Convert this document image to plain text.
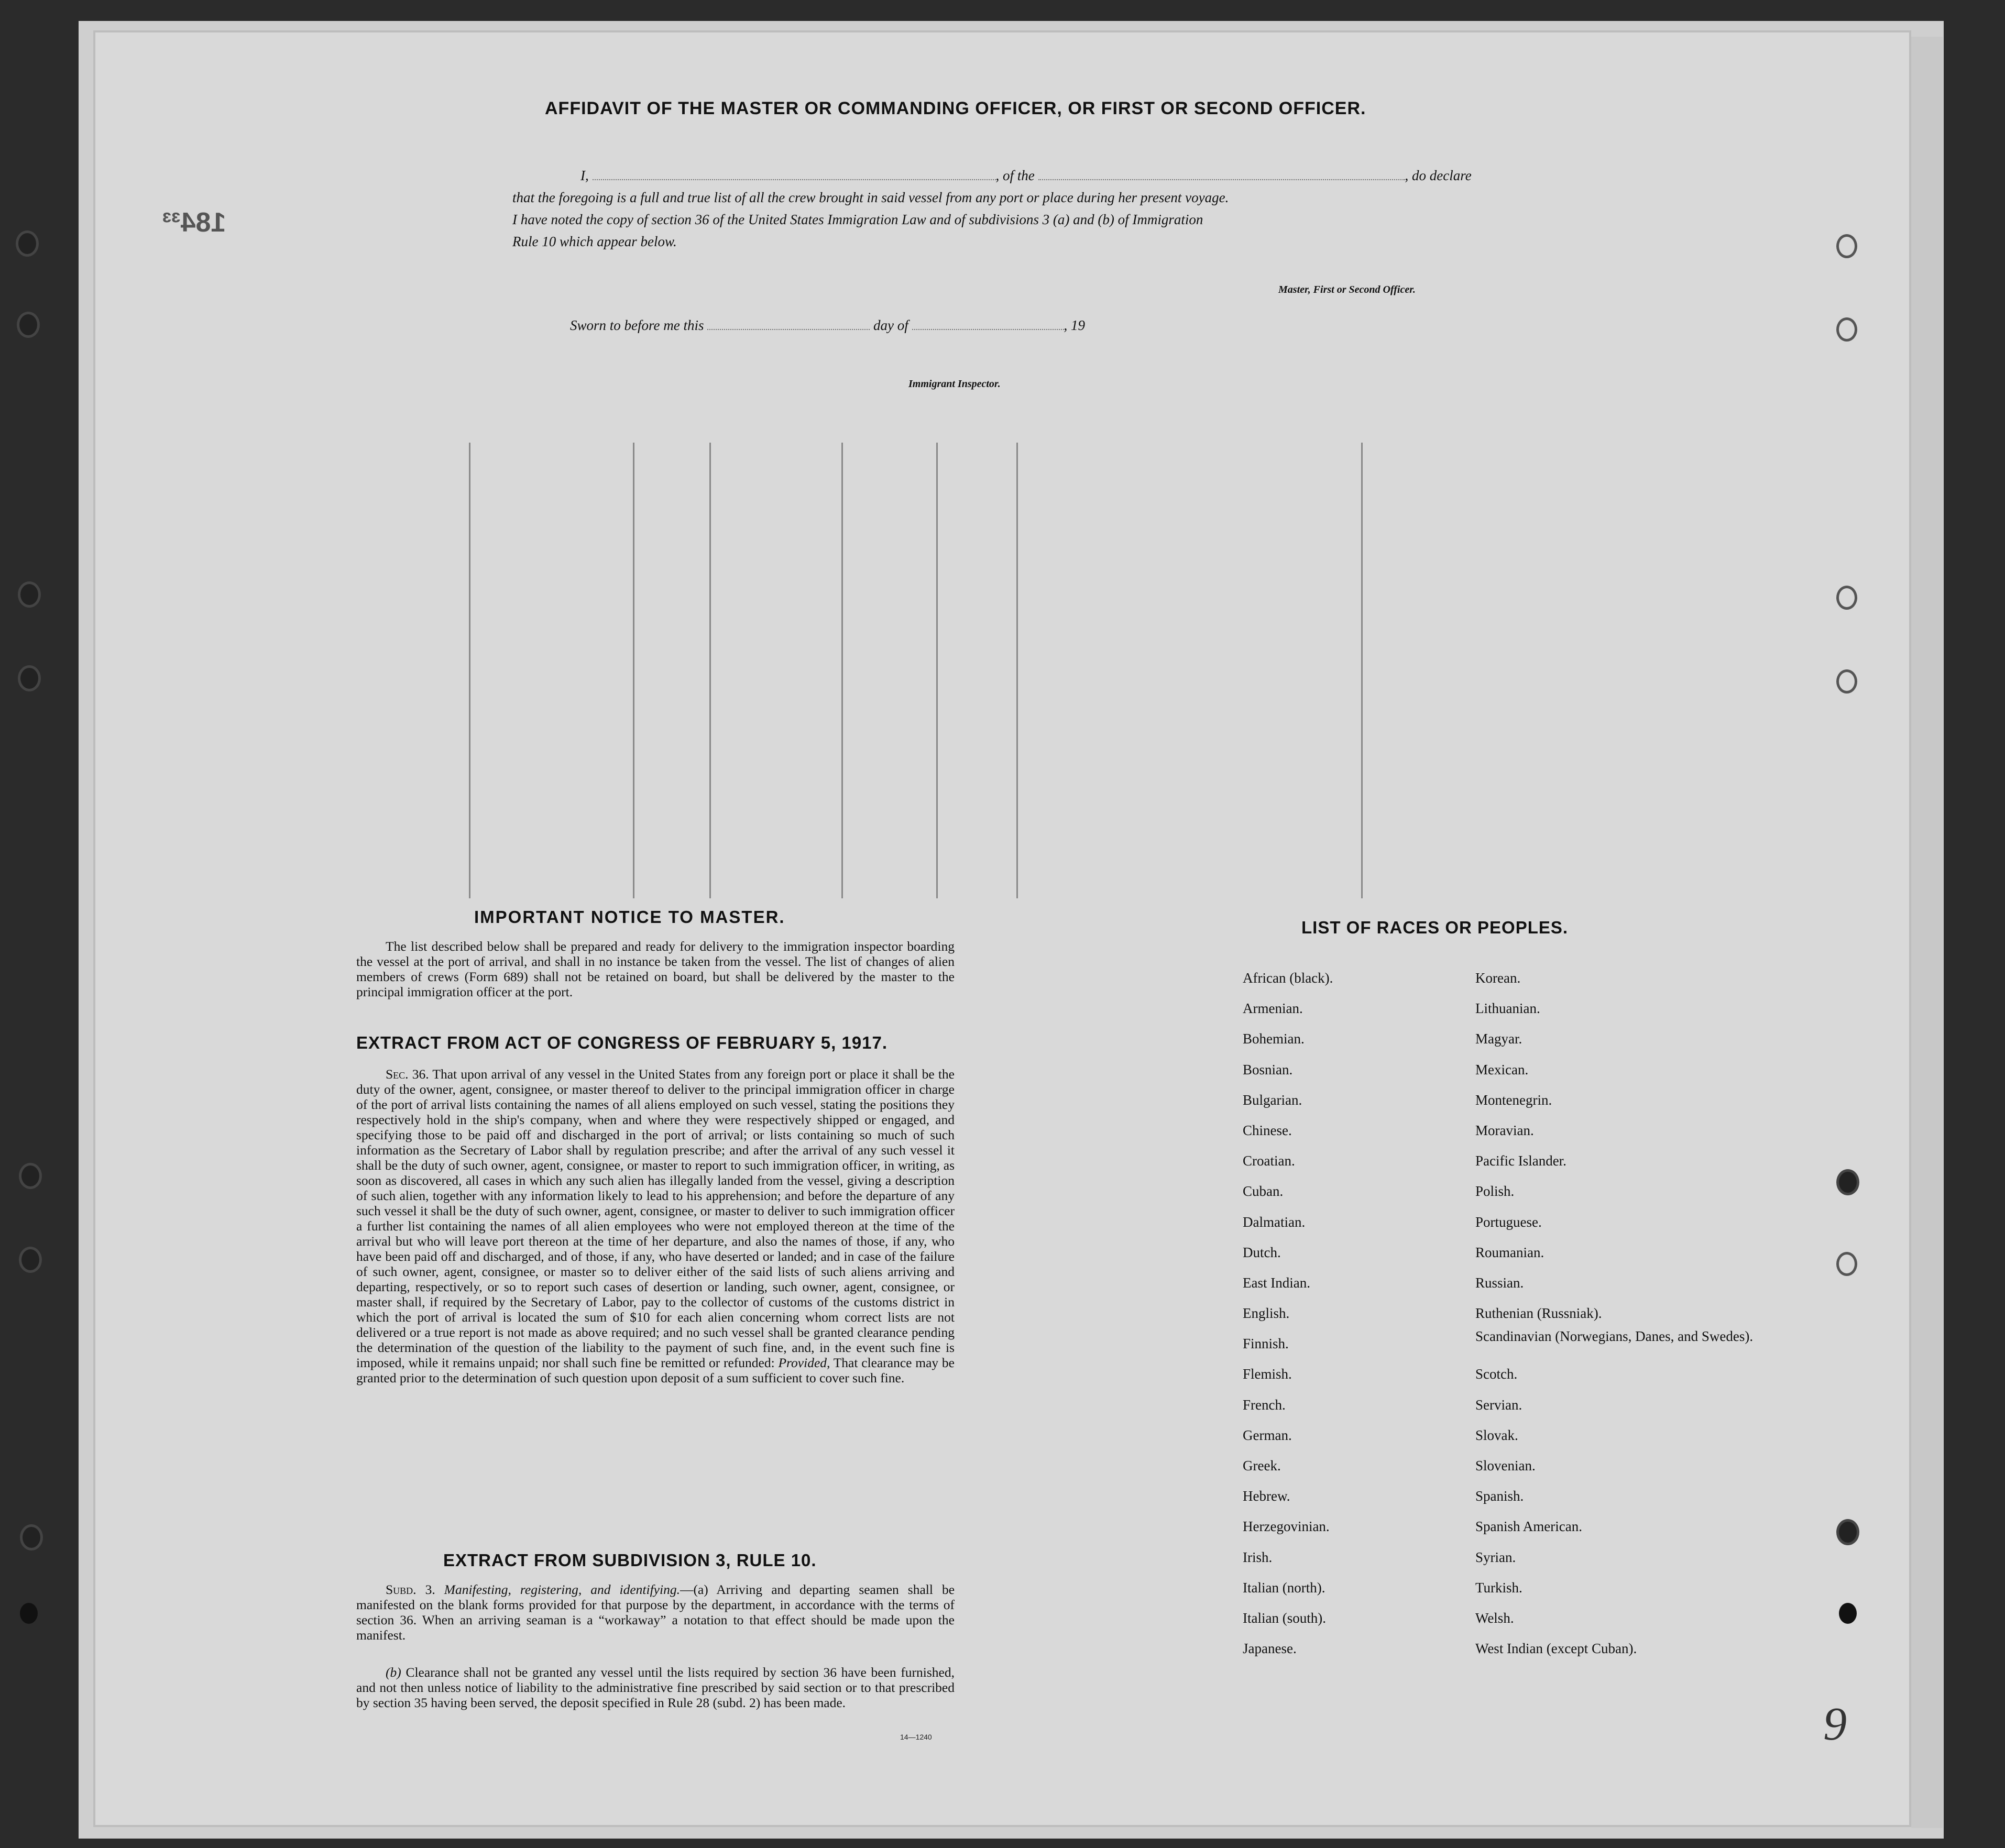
184³³
AFFIDAVIT OF THE MASTER OR COMMANDING OFFICER, OR FIRST OR SECOND OFFICER.
I,	, of the	, do declare
that the foregoing is a full and true list of all the crew brought in said vessel from any port or place during her present voyage.
I have noted the copy of section 36 of the United States Immigration Law and of subdivisions 3 (a) and (b) of Immigration
Rule 10 which appear below.
Master, First or Second Officer.
Sworn to before me this	day of	, 19
Immigrant Inspector.
IMPORTANT NOTICE TO MASTER.
The list described below shall be prepared and ready for delivery to the immigration inspector boarding the vessel at the port of arrival, and shall in no instance be taken from the vessel. The list of changes of alien members of crews (Form 689) shall not be retained on board, but shall be delivered by the master to the principal immigration officer at the port.
EXTRACT FROM ACT OF CONGRESS OF FEBRUARY 5, 1917.
Sec. 36. That upon arrival of any vessel in the United States from any foreign port or place it shall be the duty of the owner, agent, consignee, or master thereof to deliver to the principal immigration officer in charge of the port of arrival lists containing the names of all aliens employed on such vessel, stating the positions they respectively hold in the ship's company, when and where they were respectively shipped or engaged, and specifying those to be paid off and discharged in the port of arrival; or lists containing so much of such information as the Secretary of Labor shall by regulation prescribe; and after the arrival of any such vessel it shall be the duty of such owner, agent, consignee, or master to report to such immigration officer, in writing, as soon as discovered, all cases in which any such alien has illegally landed from the vessel, giving a description of such alien, together with any information likely to lead to his apprehension; and before the departure of any such vessel it shall be the duty of such owner, agent, consignee, or master to deliver to such immigration officer a further list containing the names of all alien employees who were not employed thereon at the time of the arrival but who will leave port thereon at the time of her departure, and also the names of those, if any, who have been paid off and discharged, and of those, if any, who have deserted or landed; and in case of the failure of such owner, agent, consignee, or master so to deliver either of the said lists of such aliens arriving and departing, respectively, or so to report such cases of desertion or landing, such owner, agent, consignee, or master shall, if required by the Secretary of Labor, pay to the collector of customs of the customs district in which the port of arrival is located the sum of $10 for each alien concerning whom correct lists are not delivered or a true report is not made as above required; and no such vessel shall be granted clearance pending the determination of the question of the liability to the payment of such fine, and, in the event such fine is imposed, while it remains unpaid; nor shall such fine be remitted or refunded: Provided, That clearance may be granted prior to the determination of such question upon deposit of a sum sufficient to cover such fine.
EXTRACT FROM SUBDIVISION 3, RULE 10.
Subd. 3. Manifesting, registering, and identifying.—(a) Arriving and departing seamen shall be manifested on the blank forms provided for that purpose by the department, in accordance with the terms of section 36. When an arriving seaman is a “workaway” a notation to that effect should be made upon the manifest.
(b) Clearance shall not be granted any vessel until the lists required by section 36 have been furnished, and not then unless notice of liability to the administrative fine prescribed by said section or to that prescribed by section 35 having been served, the deposit specified in Rule 28 (subd. 2) has been made.
14—1240
LIST OF RACES OR PEOPLES.
African (black).
Armenian.
Bohemian.
Bosnian.
Bulgarian.
Chinese.
Croatian.
Cuban.
Dalmatian.
Dutch.
East Indian.
English.
Finnish.
Flemish.
French.
German.
Greek.
Hebrew.
Herzegovinian.
Irish.
Italian (north).
Italian (south).
Japanese.
Korean.
Lithuanian.
Magyar.
Mexican.
Montenegrin.
Moravian.
Pacific Islander.
Polish.
Portuguese.
Roumanian.
Russian.
Ruthenian (Russniak).
Scandinavian (Norwegians, Danes, and Swedes).
Scotch.
Servian.
Slovak.
Slovenian.
Spanish.
Spanish American.
Syrian.
Turkish.
Welsh.
West Indian (except Cuban).
9
